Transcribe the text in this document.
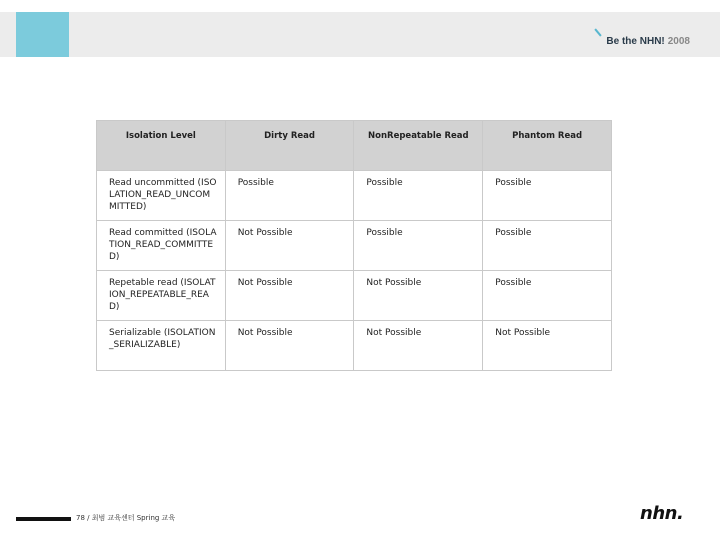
Be the NHN! 2008
Isolation Level	Dirty Read	NonRepeatable Read	Phantom Read
Read uncommitted (ISOLATION_READ_UNCOMMITTED)	Possible	Possible	Possible
Read committed (ISOLATION_READ_COMMITTED)	Not Possible	Possible	Possible
Repetable read (ISOLATION_REPEATABLE_READ)	Not Possible	Not Possible	Possible
Serializable (ISOLATION_SERIALIZABLE)	Not Possible	Not Possible	Not Possible
78 / 최범 교육센터 Spring 교육	nhn.
